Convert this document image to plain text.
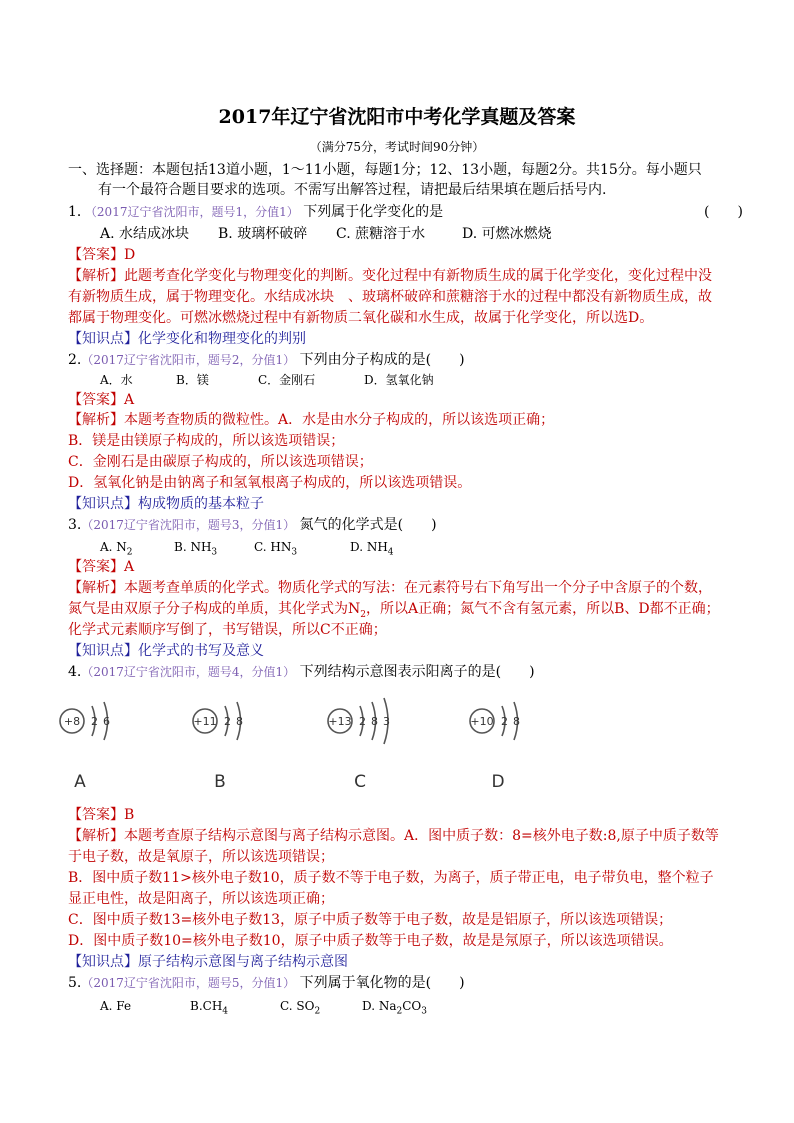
2017年辽宁省沈阳市中考化学真题及答案
（满分75分，考试时间90分钟）
一、选择题：本题包括13道小题，1～11小题，每题1分；12、13小题，每题2分。共15分。每小题只
有一个最符合题目要求的选项。不需写出解答过程，请把最后结果填在题后括号内.
1．（2017辽宁省沈阳市，题号1，分值1） 下列属于化学变化的是	(　　)
A. 水结成冰块 B. 玻璃杯破碎 C. 蔗糖溶于水	D. 可燃冰燃烧
【答案】D
【解析】此题考查化学变化与物理变化的判断。变化过程中有新物质生成的属于化学变化，变化过程中没
有新物质生成，属于物理变化。水结成冰块　、玻璃杯破碎和蔗糖溶于水的过程中都没有新物质生成，故
都属于物理变化。可燃冰燃烧过程中有新物质二氧化碳和水生成，故属于化学变化，所以选D。
【知识点】化学变化和物理变化的判别
2.（2017辽宁省沈阳市，题号2，分值1） 下列由分子构成的是(　　)
A．水	B．镁	C．金刚石	D．氢氧化钠
【答案】A
【解析】本题考查物质的微粒性。A．水是由水分子构成的，所以该选项正确；
B．镁是由镁原子构成的，所以该选项错误；
C．金刚石是由碳原子构成的，所以该选项错误；
D．氢氧化钠是由钠离子和氢氧根离子构成的，所以该选项错误。
【知识点】构成物质的基本粒子
3.（2017辽宁省沈阳市，题号3，分值1） 氮气的化学式是(　　)
A. $N_2$	B. $NH_3$	C. $HN_3$	D. $NH_4$
【答案】A
【解析】本题考查单质的化学式。物质化学式的写法：在元素符号右下角写出一个分子中含原子的个数，
氮气是由双原子分子构成的单质，其化学式为$N_2$，所以A正确；氮气不含有氢元素，所以B、D都不正确；
化学式元素顺序写倒了，书写错误，所以C不正确；
【知识点】化学式的书写及意义
4.（2017辽宁省沈阳市，题号4，分值1） 下列结构示意图表示阳离子的是(　　)
+8 2 6
A
+11 2 8
B
+13 2 8 3
C
+10 2 8
D
【答案】B
【解析】本题考查原子结构示意图与离子结构示意图。A．图中质子数：8=核外电子数:8,原子中质子数等
于电子数，故是氧原子，所以该选项错误；
B．图中质子数11>核外电子数10，质子数不等于电子数，为离子，质子带正电，电子带负电，整个粒子
显正电性，故是阳离子，所以该选项正确；
C．图中质子数13=核外电子数13，原子中质子数等于电子数，故是是铝原子，所以该选项错误；
D．图中质子数10=核外电子数10，原子中质子数等于电子数，故是是氖原子，所以该选项错误。
【知识点】原子结构示意图与离子结构示意图
5.（2017辽宁省沈阳市，题号5，分值1） 下列属于氧化物的是(　　)
A. Fe	$B.CH_4$	C. $SO_2$	D. $Na_2CO_3$
